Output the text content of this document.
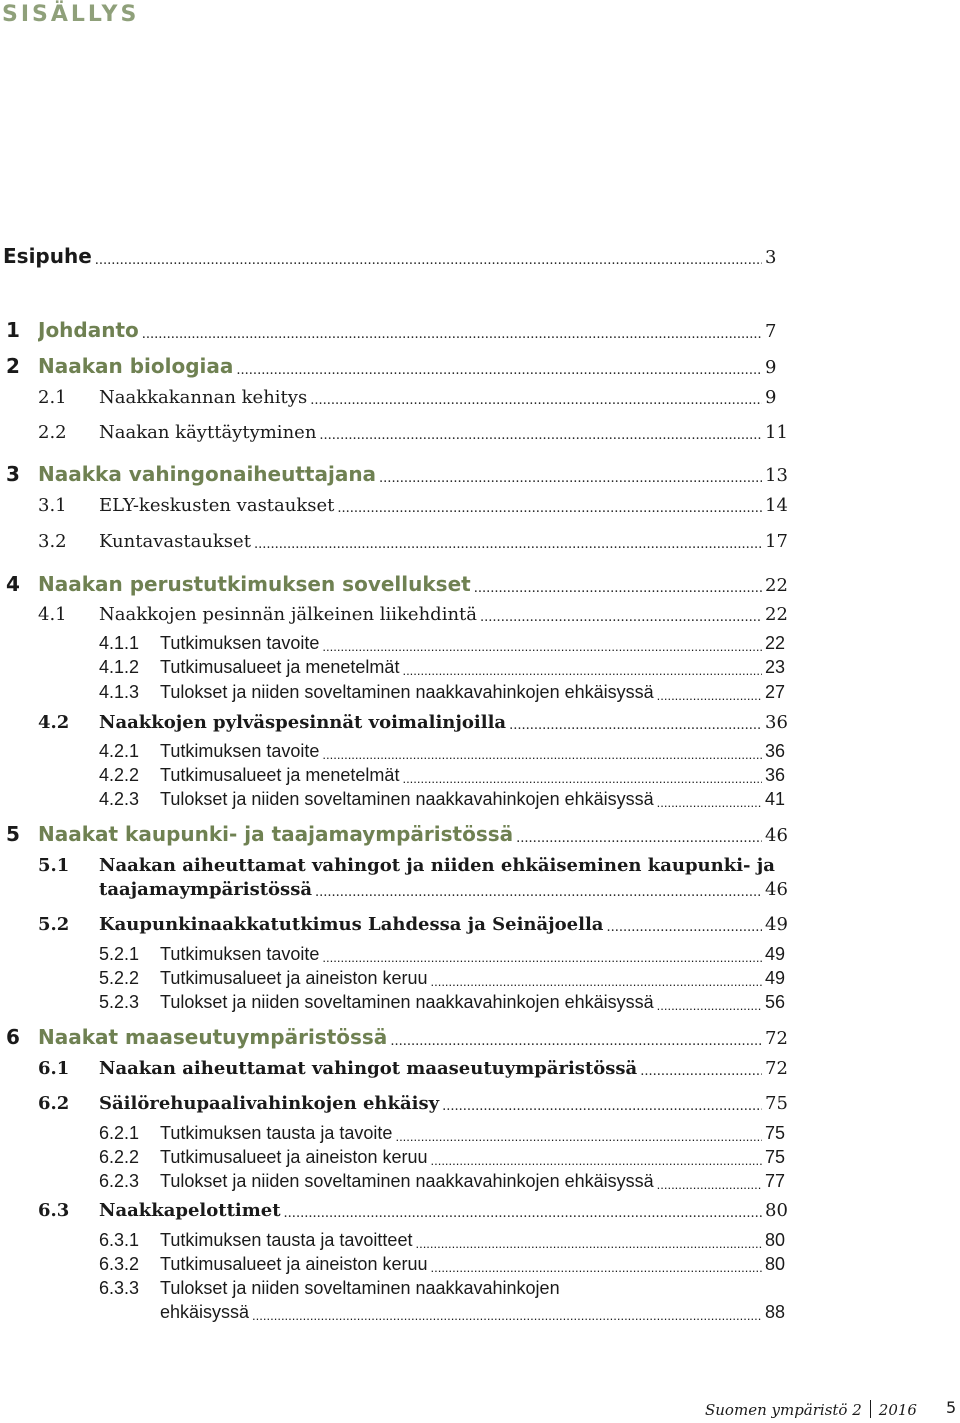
SISÄLLYS
Esipuhe .....	3
1 Johdanto .....	7
2 Naakan biologiaa .....	9
2.1 Naakkakannan kehitys .....	9
2.2 Naakan käyttäytyminen .....	11
3 Naakka vahingonaiheuttajana .....	13
3.1 ELY-keskusten vastaukset .....	14
3.2 Kuntavastaukset .....	17
4 Naakan perustutkimuksen sovellukset .....	22
4.1 Naakkojen pesinnän jälkeinen liikehdintä .....	22
4.1.1 Tutkimuksen tavoite .....	22
4.1.2 Tutkimusalueet ja menetelmät .....	23
4.1.3 Tulokset ja niiden soveltaminen naakkavahinkojen ehkäisyssä .....	27
4.2 Naakkojen pylväspesinnät voimalinjoilla .....	36
4.2.1 Tutkimuksen tavoite .....	36
4.2.2 Tutkimusalueet ja menetelmät .....	36
4.2.3 Tulokset ja niiden soveltaminen naakkavahinkojen ehkäisyssä .....	41
5 Naakat kaupunki- ja taajamaympäristössä .....	46
5.1 Naakan aiheuttamat vahingot ja niiden ehkäiseminen kaupunki- ja
taajamaympäristössä .....	46
5.2 Kaupunkinaakkatutkimus Lahdessa ja Seinäjoella .....	49
5.2.1 Tutkimuksen tavoite .....	49
5.2.2 Tutkimusalueet ja aineiston keruu .....	49
5.2.3 Tulokset ja niiden soveltaminen naakkavahinkojen ehkäisyssä .....	56
6 Naakat maaseutuympäristössä .....	72
6.1 Naakan aiheuttamat vahingot maaseutuympäristössä .....	72
6.2 Säilörehupaalivahinkojen ehkäisy .....	75
6.2.1 Tutkimuksen tausta ja tavoite .....	75
6.2.2 Tutkimusalueet ja aineiston keruu .....	75
6.2.3 Tulokset ja niiden soveltaminen naakkavahinkojen ehkäisyssä .....	77
6.3 Naakkapelottimet .....	80
6.3.1 Tutkimuksen tausta ja tavoitteet .....	80
6.3.2 Tutkimusalueet ja aineiston keruu .....	80
6.3.3 Tulokset ja niiden soveltaminen naakkavahinkojen
ehkäisyssä .....	88
Suomen ympäristö 2 2016 5
